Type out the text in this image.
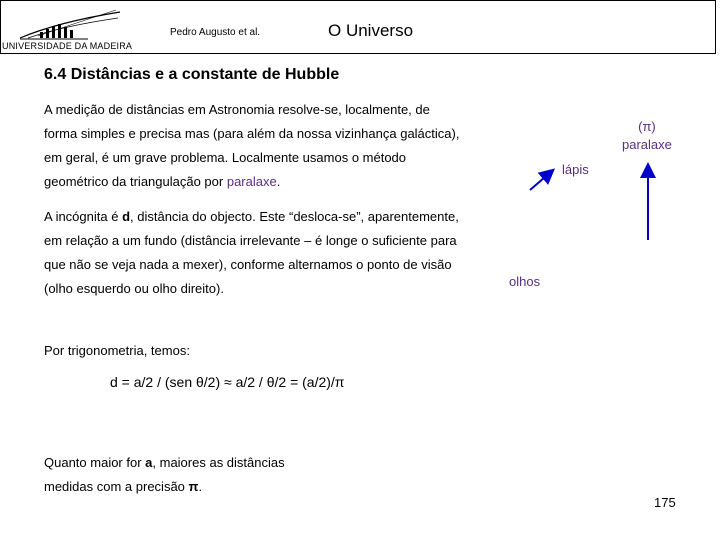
UNIVERSIDADE DA MADEIRA
Pedro Augusto et al.	O Universo
6.4 Distâncias e a constante de Hubble
A medição de distâncias em Astronomia resolve-se, localmente, de forma simples e precisa mas (para além da nossa vizinhança galáctica), em geral, é um grave problema. Localmente usamos o método geométrico da triangulação por paralaxe.
A incógnita é d, distância do objecto. Este “desloca-se”, aparentemente, em relação a um fundo (distância irrelevante – é longe o suficiente para que não se veja nada a mexer), conforme alternamos o ponto de visão (olho esquerdo ou olho direito).
Por trigonometria, temos:
d = a/2 / (sen θ/2) ≈ a/2 / θ/2 = (a/2)/π
Quanto maior for a, maiores as distâncias medidas com a precisão π.
(π)
paralaxe
lápis
olhos
175
